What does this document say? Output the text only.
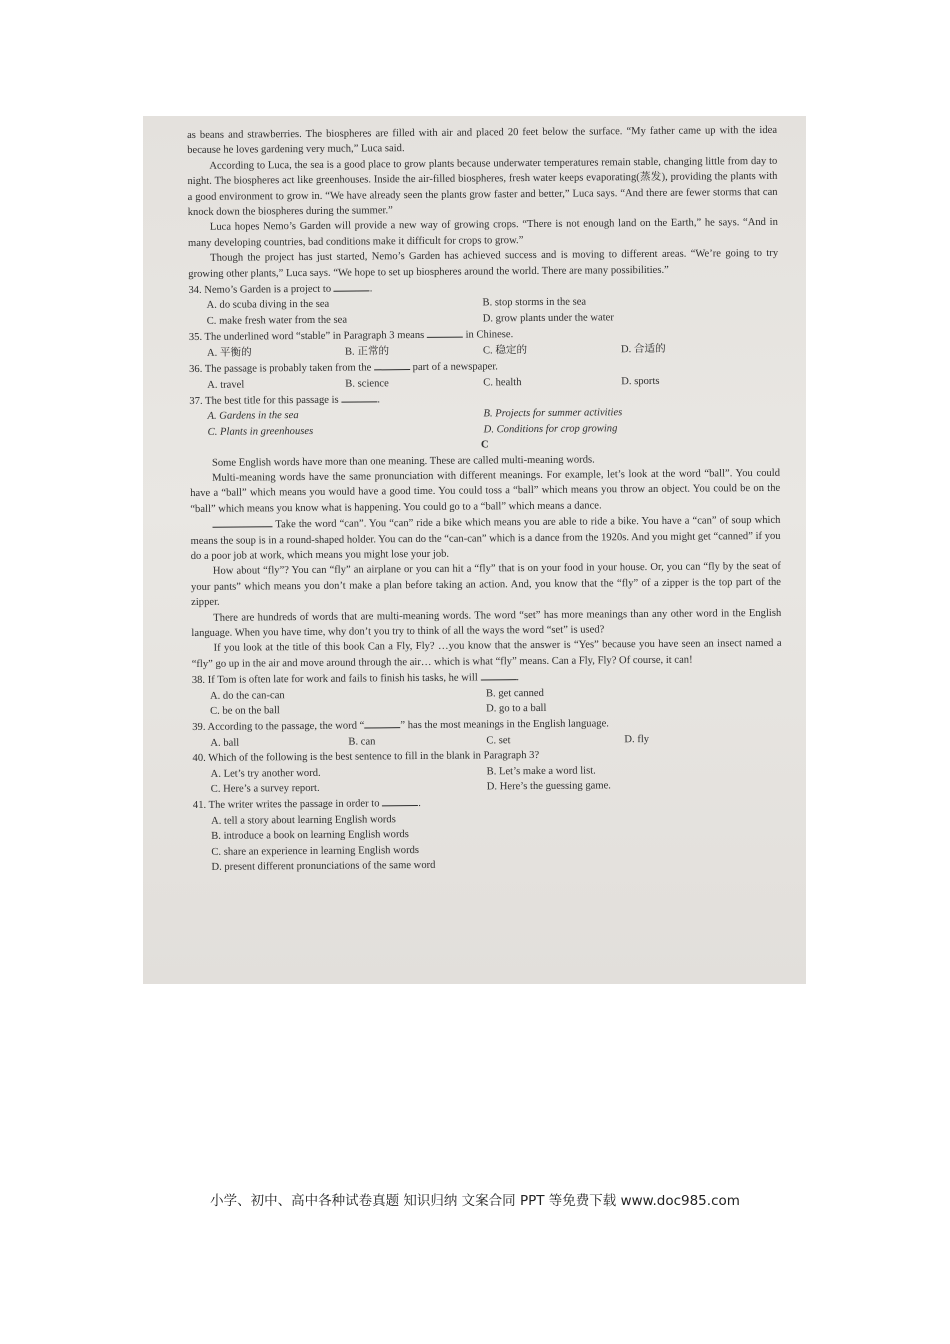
as beans and strawberries. The biospheres are filled with air and placed 20 feet below the surface. “My father came up with the idea because he loves gardening very much,” Luca said.

According to Luca, the sea is a good place to grow plants because underwater temperatures remain stable, changing little from day to night. The biospheres act like greenhouses. Inside the air-filled biospheres, fresh water keeps evaporating(蒸发), providing the plants with a good environment to grow in. “We have already seen the plants grow faster and better,” Luca says. “And there are fewer storms that can knock down the biospheres during the summer.”

Luca hopes Nemo’s Garden will provide a new way of growing crops. “There is not enough land on the Earth,” he says. “And in many developing countries, bad conditions make it difficult for crops to grow.”

Though the project has just started, Nemo’s Garden has achieved success and is moving to different areas. “We’re going to try growing other plants,” Luca says. “We hope to set up biospheres around the world. There are many possibilities.”

34. Nemo’s Garden is a project to	.
A. do scuba diving in the sea	B. stop storms in the sea
C. make fresh water from the sea	D. grow plants under the water
35. The underlined word “stable” in Paragraph 3 means	in Chinese.
A. 平衡的	B. 正常的	C. 稳定的	D. 合适的
36. The passage is probably taken from the	part of a newspaper.
A. travel	B. science	C. health	D. sports
37. The best title for this passage is	.
A. Gardens in the sea	B. Projects for summer activities
C. Plants in greenhouses	D. Conditions for crop growing
C

Some English words have more than one meaning. These are called multi-meaning words.

Multi-meaning words have the same pronunciation with different meanings. For example, let’s look at the word “ball”. You could have a “ball” which means you would have a good time. You could toss a “ball” which means you throw an object. You could be on the “ball” which means you know what is happening. You could go to a “ball” which means a dance.

Take the word “can”. You “can” ride a bike which means you are able to ride a bike. You have a “can” of soup which means the soup is in a round-shaped holder. You can do the “can-can” which is a dance from the 1920s. And you might get “canned” if you do a poor job at work, which means you might lose your job.

How about “fly”? You can “fly” an airplane or you can hit a “fly” that is on your food in your house. Or, you can “fly by the seat of your pants” which means you don’t make a plan before taking an action. And, you know that the “fly” of a zipper is the top part of the zipper.

There are hundreds of words that are multi-meaning words. The word “set” has more meanings than any other word in the English language. When you have time, why don’t you try to think of all the ways the word “set” is used?

If you look at the title of this book Can a Fly, Fly? …you know that the answer is “Yes” because you have seen an insect named a “fly” go up in the air and move around through the air… which is what “fly” means. Can a Fly, Fly? Of course, it can!

38. If Tom is often late for work and fails to finish his tasks, he will	.
A. do the can-can	B. get canned
C. be on the ball	D. go to a ball
39. According to the passage, the word “	” has the most meanings in the English language.
A. ball	B. can	C. set	D. fly
40. Which of the following is the best sentence to fill in the blank in Paragraph 3?
A. Let’s try another word.	B. Let’s make a word list.
C. Here’s a survey report.	D. Here’s the guessing game.
41. The writer writes the passage in order to	.
A. tell a story about learning English words
B. introduce a book on learning English words
C. share an experience in learning English words
D. present different pronunciations of the same word
小学、初中、高中各种试卷真题 知识归纳 文案合同 PPT 等免费下载 www.doc985.com
